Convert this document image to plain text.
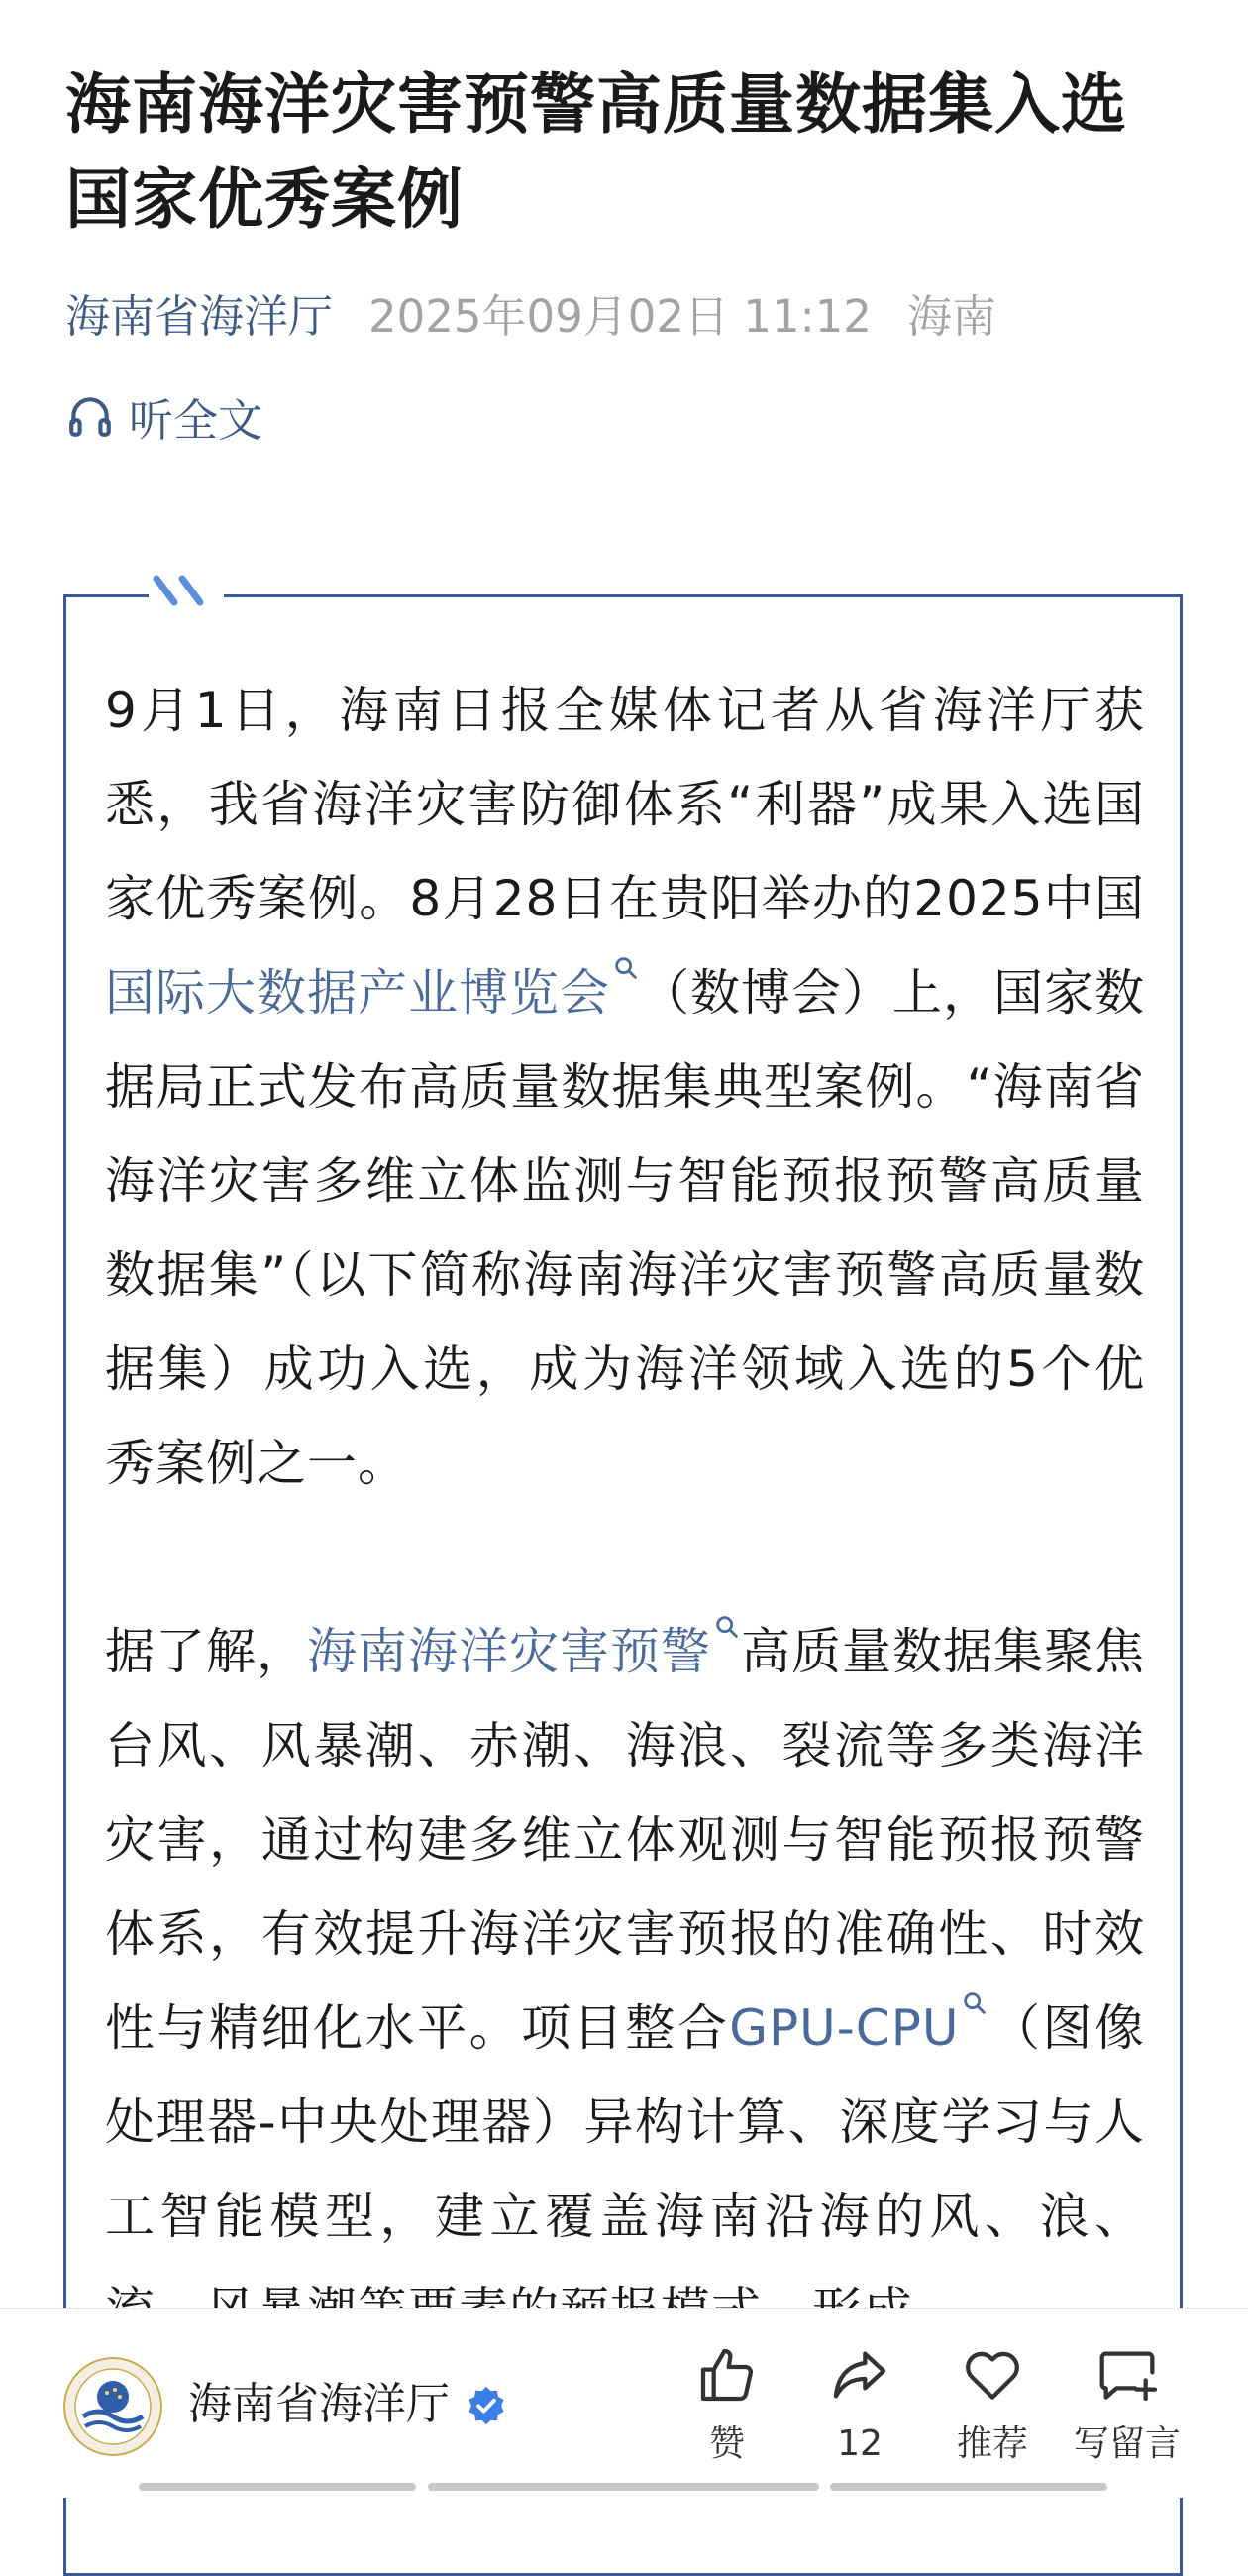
海南海洋灾害预警高质量数据集入选国家优秀案例
海南省海洋厅 2025年09月02日 11:12 海南
听全文

9月1日，海南日报全媒体记者从省海洋厅获悉，我省海洋灾害防御体系“利器”成果入选国家优秀案例。8月28日在贵阳举办的2025中国国际大数据产业博览会 （数博会）上，国家数据局正式发布高质量数据集典型案例。“海南省海洋灾害多维立体监测与智能预报预警高质量数据集”（以下简称海南海洋灾害预警高质量数据集）成功入选，成为海洋领域入选的5个优秀案例之一。

据了解，海南海洋灾害预警 高质量数据集聚焦台风、风暴潮、赤潮、海浪、裂流等多类海洋灾害，通过构建多维立体观测与智能预报预警体系，有效提升海洋灾害预报的准确性、时效性与精细化水平。项目整合GPU-CPU （图像处理器-中央处理器）异构计算、深度学习与人工智能模型，建立覆盖海南沿海的风、浪、

海南省海洋厅
赞	12	推荐	写留言
